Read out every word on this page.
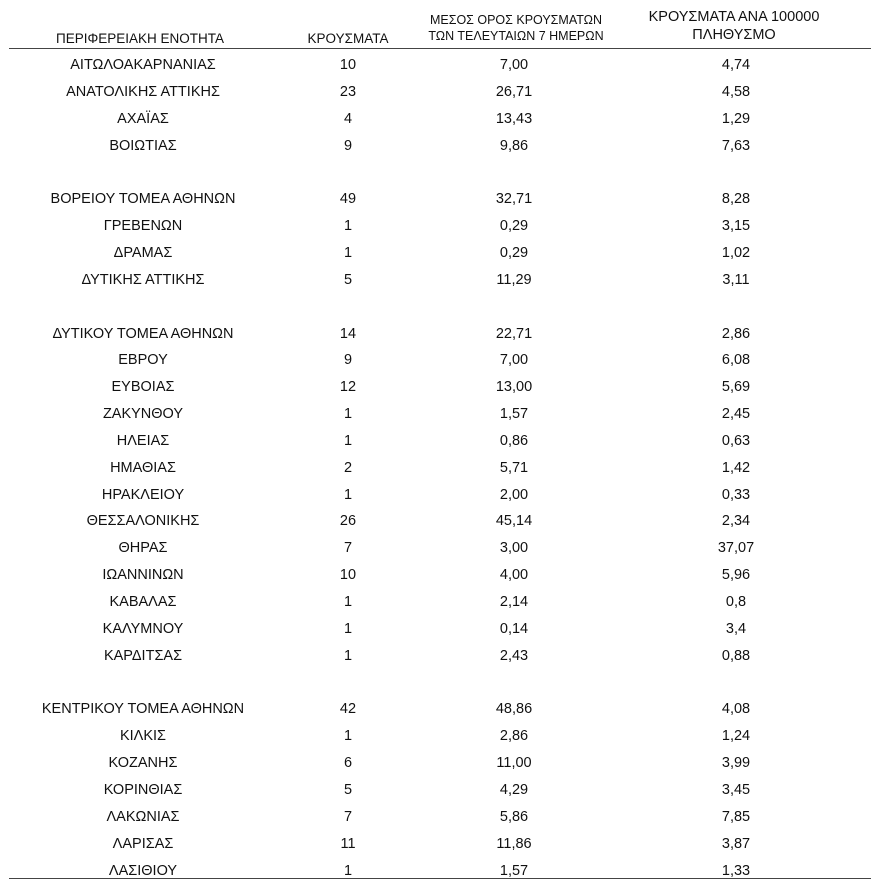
ΠΕΡΙΦΕΡΕΙΑΚΗ ΕΝΟΤΗΤΑ	ΚΡΟΥΣΜΑΤΑ
ΜΕΣΟΣ ΟΡΟΣ ΚΡΟΥΣΜΑΤΩΝ
ΤΩΝ ΤΕΛΕΥΤΑΙΩΝ 7 ΗΜΕΡΩΝ
ΚΡΟΥΣΜΑΤΑ ΑΝΑ 100000
ΠΛΗΘΥΣΜΟ
ΑΙΤΩΛΟΑΚΑΡΝΑΝΙΑΣ	10	7,00	4,74
ΑΝΑΤΟΛΙΚΗΣ ΑΤΤΙΚΗΣ	23	26,71	4,58
ΑΧΑΪΑΣ	4	13,43	1,29
ΒΟΙΩΤΙΑΣ	9	9,86	7,63
ΒΟΡΕΙΟΥ ΤΟΜΕΑ ΑΘΗΝΩΝ	49	32,71	8,28
ΓΡΕΒΕΝΩΝ	1	0,29	3,15
ΔΡΑΜΑΣ	1	0,29	1,02
ΔΥΤΙΚΗΣ ΑΤΤΙΚΗΣ	5	11,29	3,11
ΔΥΤΙΚΟΥ ΤΟΜΕΑ ΑΘΗΝΩΝ	14	22,71	2,86
ΕΒΡΟΥ	9	7,00	6,08
ΕΥΒΟΙΑΣ	12	13,00	5,69
ΖΑΚΥΝΘΟΥ	1	1,57	2,45
ΗΛΕΙΑΣ	1	0,86	0,63
ΗΜΑΘΙΑΣ	2	5,71	1,42
ΗΡΑΚΛΕΙΟΥ	1	2,00	0,33
ΘΕΣΣΑΛΟΝΙΚΗΣ	26	45,14	2,34
ΘΗΡΑΣ	7	3,00	37,07
ΙΩΑΝΝΙΝΩΝ	10	4,00	5,96
ΚΑΒΑΛΑΣ	1	2,14	0,8
ΚΑΛΥΜΝΟΥ	1	0,14	3,4
ΚΑΡΔΙΤΣΑΣ	1	2,43	0,88
ΚΕΝΤΡΙΚΟΥ ΤΟΜΕΑ ΑΘΗΝΩΝ	42	48,86	4,08
ΚΙΛΚΙΣ	1	2,86	1,24
ΚΟΖΑΝΗΣ	6	11,00	3,99
ΚΟΡΙΝΘΙΑΣ	5	4,29	3,45
ΛΑΚΩΝΙΑΣ	7	5,86	7,85
ΛΑΡΙΣΑΣ	11	11,86	3,87
ΛΑΣΙΘΙΟΥ	1	1,57	1,33
